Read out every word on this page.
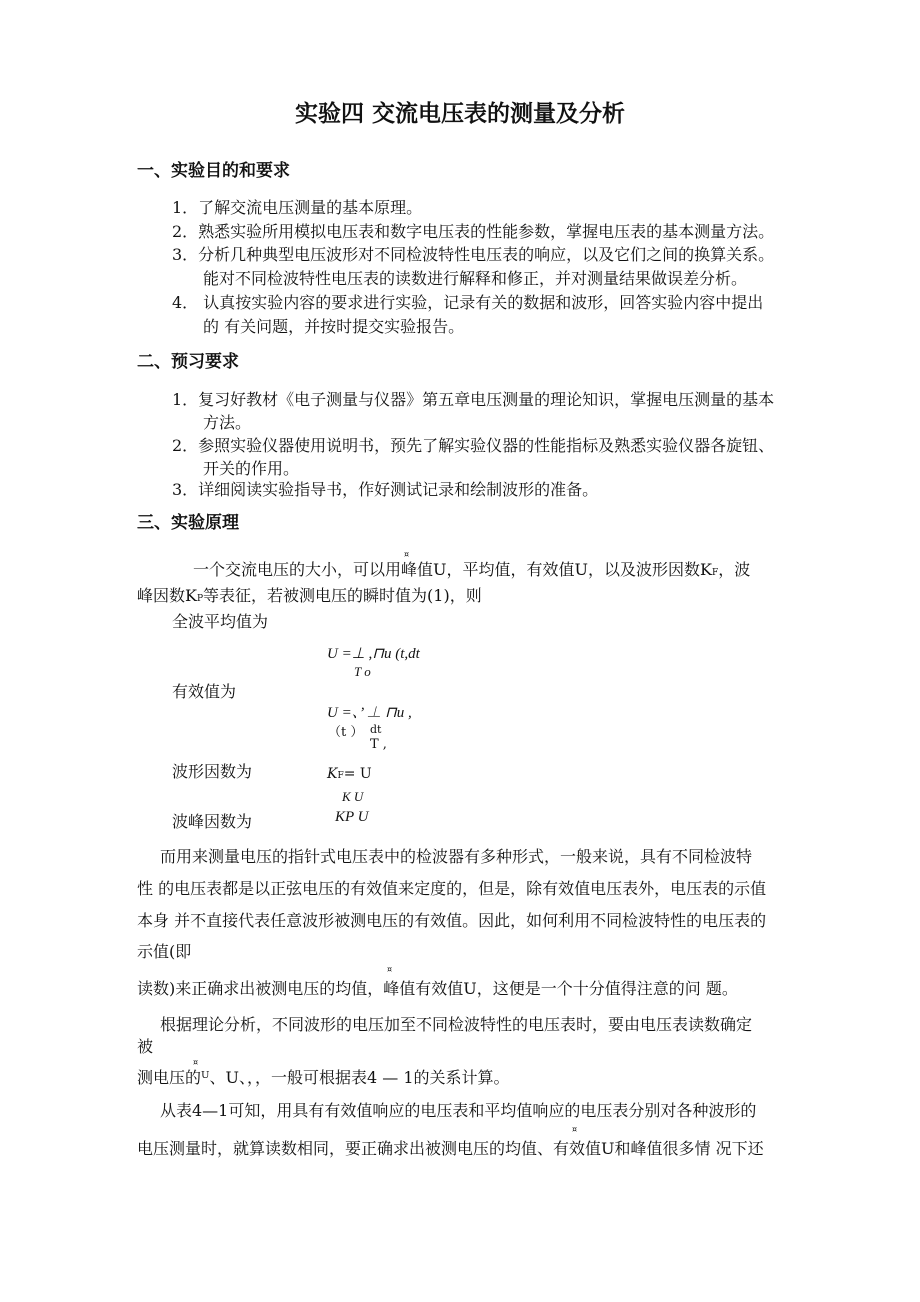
实验四 交流电压表的测量及分析
一、实验目的和要求
1．了解交流电压测量的基本原理。
2．熟悉实验所用模拟电压表和数字电压表的性能参数，掌握电压表的基本测量方法。
3．分析几种典型电压波形对不同检波特性电压表的响应，以及它们之间的换算关系。
能对不同检波特性电压表的读数进行解释和修正，并对测量结果做误差分析。
4． 认真按实验内容的要求进行实验，记录有关的数据和波形，回答实验内容中提出
的 有关问题，并按时提交实验报告。
二、预习要求
1．复习好教材《电子测量与仪器》第五章电压测量的理论知识，掌握电压测量的基本
方法。
2．参照实验仪器使用说明书，预先了解实验仪器的性能指标及熟悉实验仪器各旋钮、
开关的作用。
3．详细阅读实验指导书，作好测试记录和绘制波形的准备。
三、实验原理
一个交流电压的大小，可以用峰值U，平均值，有效值U，以及波形因数KF，波
¤
峰因数KP等表征，若被测电压的瞬时值为(1)，则
全波平均值为
U =⊥ ,⊓u (t,dt
T o
有效值为
U =、’ ⊥ ⊓u ,
（t ） dt
T ,
波形因数为	KF= U
K U
波峰因数为	KP U
而用来测量电压的指针式电压表中的检波器有多种形式，一般来说，具有不同检波特
性 的电压表都是以正弦电压的有效值来定度的，但是，除有效值电压表外，电压表的示值
本身 并不直接代表任意波形被测电压的有效值。因此，如何利用不同检波特性的电压表的
示值(即
¤
读数)来正确求出被测电压的均值，峰值有效值U，这便是一个十分值得注意的问 题。
根据理论分析，不同波形的电压加至不同检波特性的电压表时，要由电压表读数确定
被
¤
测电压的ᵁ、U、，，一般可根据表4 — 1的关系计算。
从表4—1可知，用具有有效值响应的电压表和平均值响应的电压表分别对各种波形的
¤
电压测量时，就算读数相同，要正确求出被测电压的均值、有效值U和峰值很多情 况下还
